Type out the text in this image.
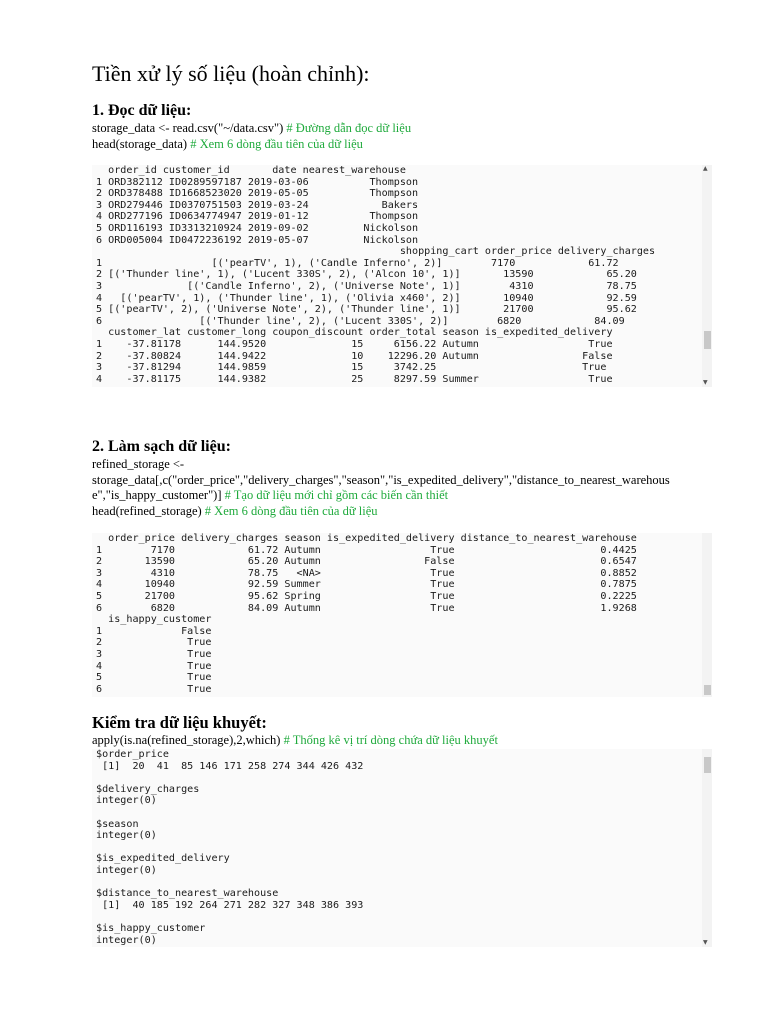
Tiền xử lý số liệu (hoàn chỉnh):
1. Đọc dữ liệu:
storage_data <- read.csv("~/data.csv") # Đường dẫn đọc dữ liệu
head(storage_data) # Xem 6 dòng đầu tiên của dữ liệu
order_id customer_id       date nearest_warehouse
1 ORD382112 ID0289597187 2019-03-06          Thompson
2 ORD378488 ID1668523020 2019-05-05          Thompson
3 ORD279446 ID0370751503 2019-03-24            Bakers
4 ORD277196 ID0634774947 2019-01-12          Thompson
5 ORD116193 ID3313210924 2019-09-02         Nickolson
6 ORD005004 ID0472236192 2019-05-07         Nickolson
shopping_cart order_price delivery_charges
1                  [('pearTV', 1), ('Candle Inferno', 2)]        7170            61.72
2 [('Thunder line', 1), ('Lucent 330S', 2), ('Alcon 10', 1)]       13590            65.20
3              [('Candle Inferno', 2), ('Universe Note', 1)]        4310            78.75
4   [('pearTV', 1), ('Thunder line', 1), ('Olivia x460', 2)]       10940            92.59
5 [('pearTV', 2), ('Universe Note', 2), ('Thunder line', 1)]       21700            95.62
6                [('Thunder line', 2), ('Lucent 330S', 2)]        6820            84.09
customer_lat customer_long coupon_discount order_total season is_expedited_delivery
1    -37.81178      144.9520              15     6156.22 Autumn                  True
2    -37.80824      144.9422              10    12296.20 Autumn                 False
3    -37.81294      144.9859              15     3742.25                        True
4    -37.81175      144.9382              25     8297.59 Summer                  True
▲
▼
2. Làm sạch dữ liệu:
refined_storage <-
storage_data[,c("order_price","delivery_charges","season","is_expedited_delivery","distance_to_nearest_warehous
e","is_happy_customer")] # Tạo dữ liệu mới chỉ gồm các biến cần thiết
head(refined_storage) # Xem 6 dòng đầu tiên của dữ liệu
order_price delivery_charges season is_expedited_delivery distance_to_nearest_warehouse
1        7170            61.72 Autumn                  True                        0.4425
2       13590            65.20 Autumn                 False                        0.6547
3        4310            78.75   <NA>                  True                        0.8852
4       10940            92.59 Summer                  True                        0.7875
5       21700            95.62 Spring                  True                        0.2225
6        6820            84.09 Autumn                  True                        1.9268
is_happy_customer
1             False
2              True
3              True
4              True
5              True
6              True
Kiểm tra dữ liệu khuyết:
apply(is.na(refined_storage),2,which) # Thống kê vị trí dòng chứa dữ liệu khuyết
$order_price
[1]  20  41  85 146 171 258 274 344 426 432

$delivery_charges
integer(0)

$season
integer(0)

$is_expedited_delivery
integer(0)

$distance_to_nearest_warehouse
[1]  40 185 192 264 271 282 327 348 386 393

$is_happy_customer
integer(0)	▼
